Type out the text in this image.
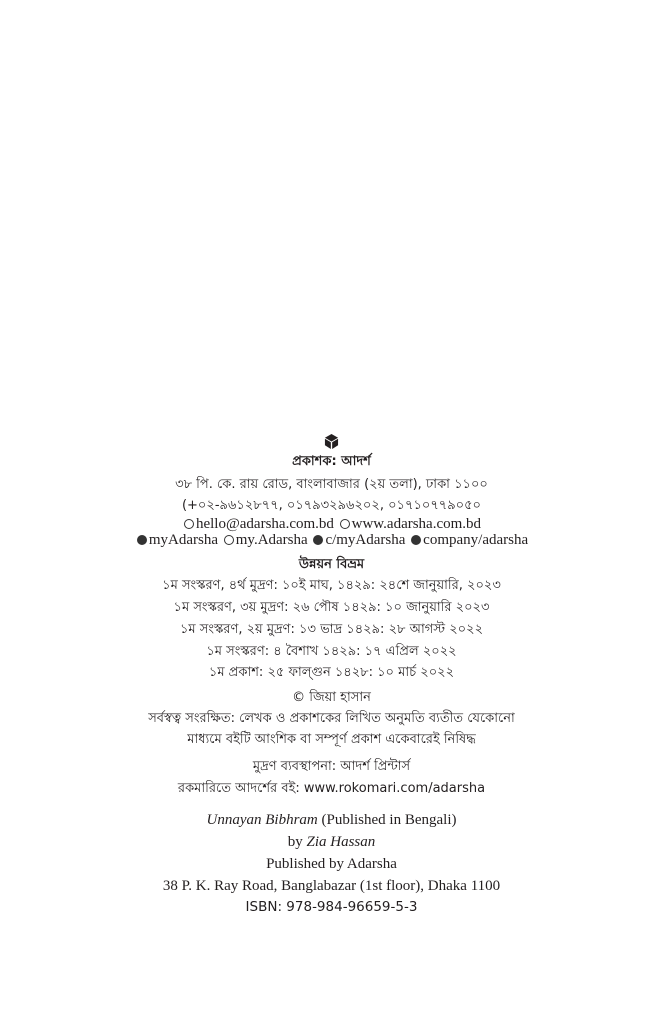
প্রকাশক: আদর্শ
৩৮ পি. কে. রায় রোড, বাংলাবাজার (২য় তলা), ঢাকা ১১০০
(+০২-৯৬১২৮৭৭, ০১৭৯৩২৯৬২০২, ০১৭১০৭৭৯০৫০
hello@adarsha.com.bd www.adarsha.com.bd
myAdarsha my.Adarsha c/myAdarsha company/adarsha
উন্নয়ন বিভ্রম
১ম সংস্করণ, ৪র্থ মুদ্রণ: ১০ই মাঘ, ১৪২৯: ২৪শে জানুয়ারি, ২০২৩
১ম সংস্করণ, ৩য় মুদ্রণ: ২৬ পৌষ ১৪২৯: ১০ জানুয়ারি ২০২৩
১ম সংস্করণ, ২য় মুদ্রণ: ১৩ ভাদ্র ১৪২৯: ২৮ আগস্ট ২০২২
১ম সংস্করণ: ৪ বৈশাখ ১৪২৯: ১৭ এপ্রিল ২০২২
১ম প্রকাশ: ২৫ ফাল্গুন ১৪২৮: ১০ মার্চ ২০২২
© জিয়া হাসান
সর্বস্বত্ব সংরক্ষিত: লেখক ও প্রকাশকের লিখিত অনুমতি ব্যতীত যেকোনো
মাধ্যমে বইটি আংশিক বা সম্পূর্ণ প্রকাশ একেবারেই নিষিদ্ধ
মুদ্রণ ব্যবস্থাপনা: আদর্শ প্রিন্টার্স
রকমারিতে আদর্শের বই: www.rokomari.com/adarsha
Unnayan Bibhram (Published in Bengali)
by Zia Hassan
Published by Adarsha
38 P. K. Ray Road, Banglabazar (1st floor), Dhaka 1100
ISBN: 978-984-96659-5-3
